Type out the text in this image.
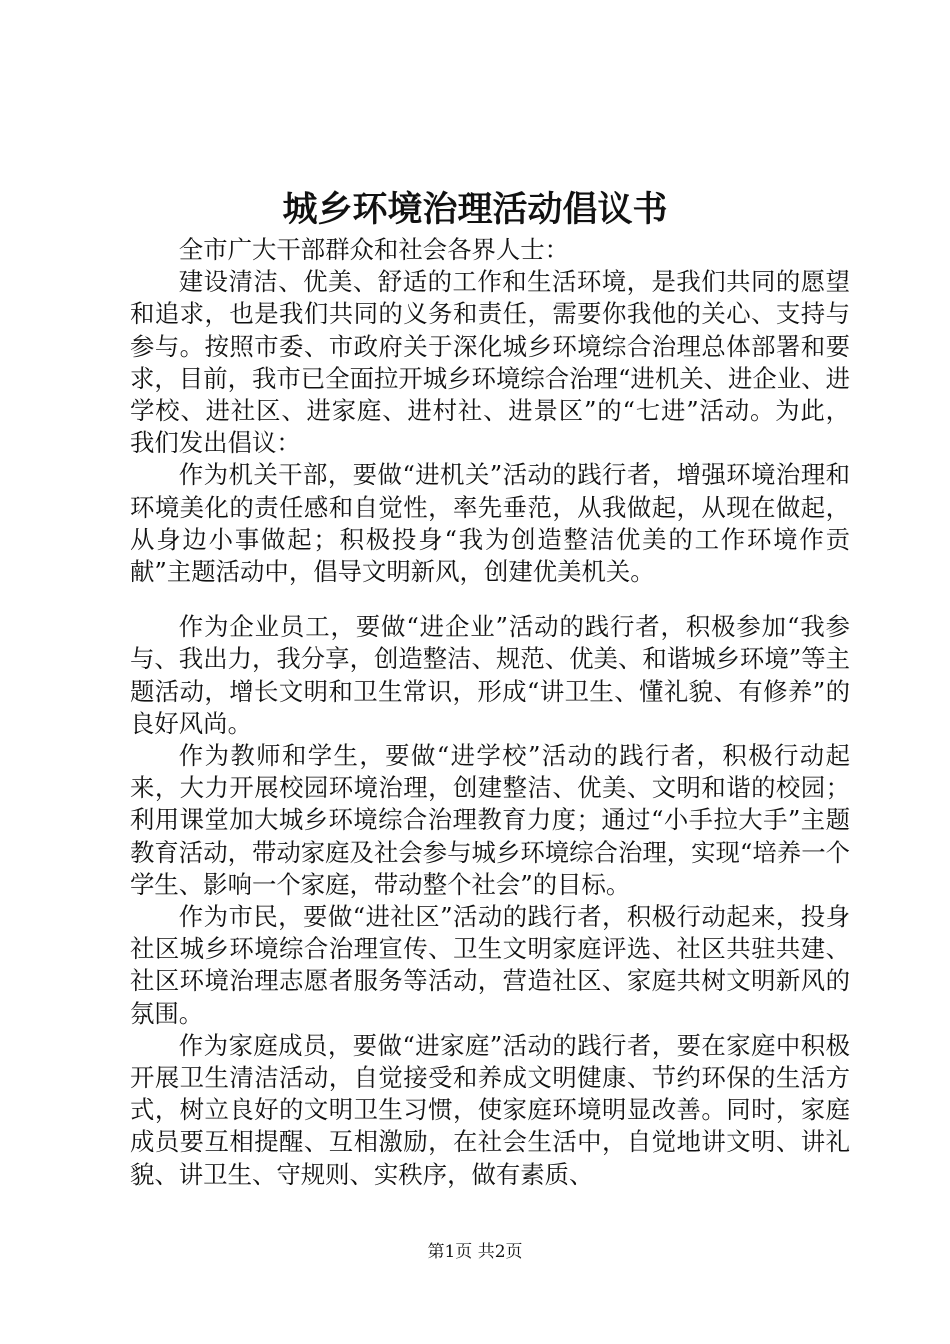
城乡环境治理活动倡议书

全市广大干部群众和社会各界人士：

建设清洁、优美、舒适的工作和生活环境，是我们共同的愿望和追求，也是我们共同的义务和责任，需要你我他的关心、支持与参与。按照市委、市政府关于深化城乡环境综合治理总体部署和要求，目前，我市已全面拉开城乡环境综合治理“进机关、进企业、进学校、进社区、进家庭、进村社、进景区”的“七进”活动。为此，我们发出倡议：

作为机关干部，要做“进机关”活动的践行者，增强环境治理和环境美化的责任感和自觉性，率先垂范，从我做起，从现在做起，从身边小事做起；积极投身“我为创造整洁优美的工作环境作贡献”主题活动中，倡导文明新风，创建优美机关。

作为企业员工，要做“进企业”活动的践行者，积极参加“我参与、我出力，我分享，创造整洁、规范、优美、和谐城乡环境”等主题活动，增长文明和卫生常识，形成“讲卫生、懂礼貌、有修养”的良好风尚。

作为教师和学生，要做“进学校”活动的践行者，积极行动起来，大力开展校园环境治理，创建整洁、优美、文明和谐的校园；利用课堂加大城乡环境综合治理教育力度；通过“小手拉大手”主题教育活动，带动家庭及社会参与城乡环境综合治理，实现“培养一个学生、影响一个家庭，带动整个社会”的目标。

作为市民，要做“进社区”活动的践行者，积极行动起来，投身社区城乡环境综合治理宣传、卫生文明家庭评选、社区共驻共建、社区环境治理志愿者服务等活动，营造社区、家庭共树文明新风的氛围。

作为家庭成员，要做“进家庭”活动的践行者，要在家庭中积极开展卫生清洁活动，自觉接受和养成文明健康、节约环保的生活方式，树立良好的文明卫生习惯，使家庭环境明显改善。同时，家庭成员要互相提醒、互相激励，在社会生活中，自觉地讲文明、讲礼貌、讲卫生、守规则、实秩序，做有素质、

第1页 共2页
